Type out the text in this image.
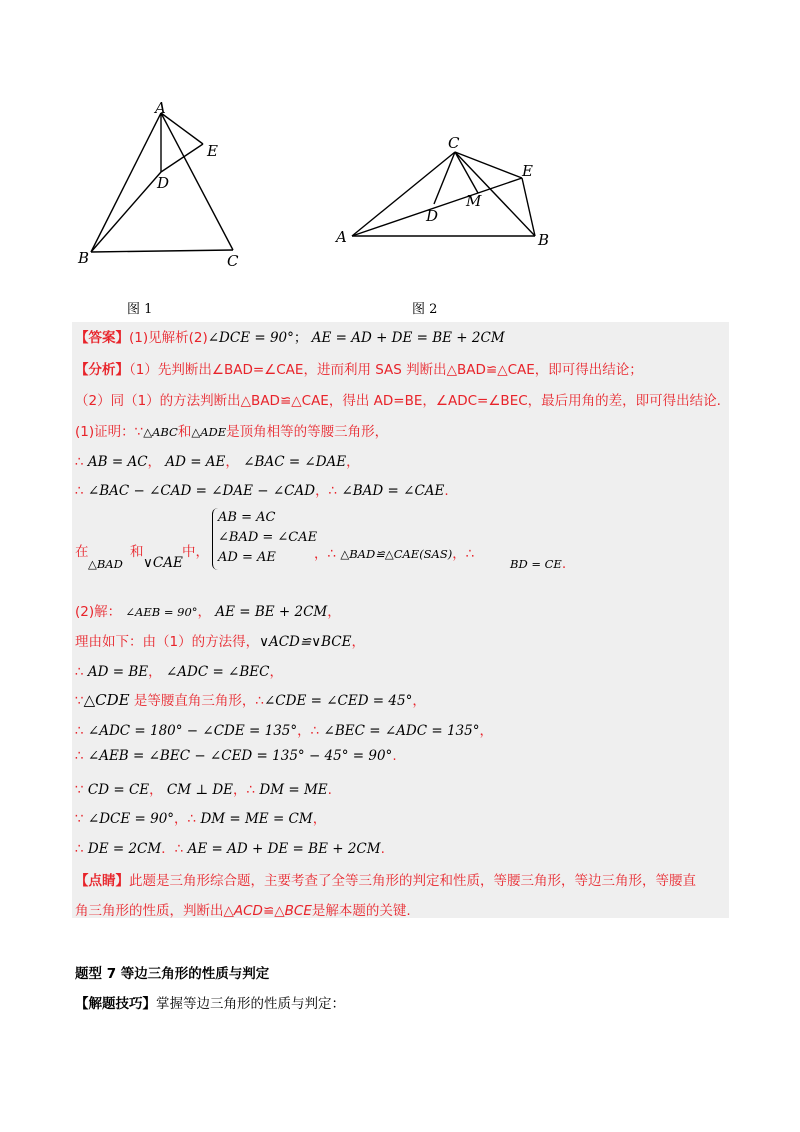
A
B	C
D
E
图 1
A	B
C
D
E
M
图 2
【答案】(1)见解析(2)∠DCE = 90°； AE = AD + DE = BE + 2CM
【分析】（1）先判断出∠BAD=∠CAE，进而利用 SAS 判断出△BAD≌△CAE，即可得出结论；
（2）同（1）的方法判断出△BAD≌△CAE，得出 AD=BE，∠ADC=∠BEC，最后用角的差，即可得出结论.
(1)证明：∵△ABC和△ADE是顶角相等的等腰三角形，
∴ AB = AC， AD = AE， ∠BAC = ∠DAE，
∴ ∠BAC − ∠CAD = ∠DAE − ∠CAD，∴ ∠BAD = ∠CAE.
在
△BAD
和
∨CAE
中，
AB = AC
∠BAD = ∠CAE
AD = AE	，∴ △BAD≌△CAE(SAS)，∴
BD = CE.
(2)解： ∠AEB = 90°， AE = BE + 2CM，
理由如下：由（1）的方法得，∨ACD≌∨BCE，
∴ AD = BE， ∠ADC = ∠BEC，
∵△CDE 是等腰直角三角形，∴∠CDE = ∠CED = 45°，
∴ ∠ADC = 180° − ∠CDE = 135°，∴ ∠BEC = ∠ADC = 135°，
∴ ∠AEB = ∠BEC − ∠CED = 135° − 45° = 90°.
∵ CD = CE， CM ⊥ DE，∴ DM = ME.
∵ ∠DCE = 90°，∴ DM = ME = CM，
∴ DE = 2CM．∴ AE = AD + DE = BE + 2CM.
【点睛】此题是三角形综合题，主要考查了全等三角形的判定和性质，等腰三角形，等边三角形，等腰直
角三角形的性质，判断出△ACD≌△BCE是解本题的关键.
题型 7 等边三角形的性质与判定
【解题技巧】掌握等边三角形的性质与判定：
